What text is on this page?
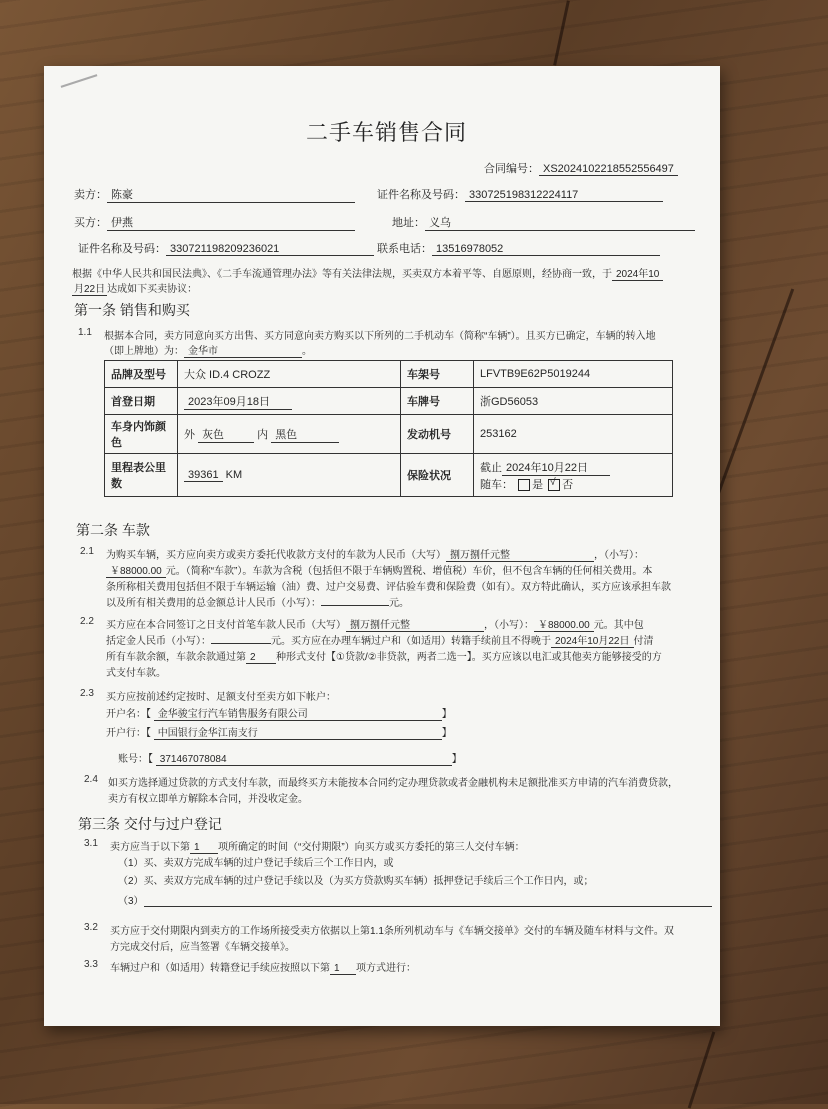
二手车销售合同
合同编号： XS2024102218552556497
卖方： 陈豪	证件名称及号码： 330725198312224117
买方： 伊燕	地址： 义乌
证件名称及号码： 330721198209236021	联系电话： 13516978052
根据《中华人民共和国民法典》、《二手车流通管理办法》等有关法律法规，买卖双方本着平等、自愿原则，经协商一致，于 2024年10
月22日 达成如下买卖协议：
第一条 销售和购买
1.1 根据本合同，卖方同意向买方出售、买方同意向卖方购买以下所列的二手机动车（简称“车辆”）。且买方已确定，车辆的转入地
（即上牌地）为： 金华市	。
品牌及型号	大众 ID.4 CROZZ	车架号	LFVTB9E62P5019244
首登日期	2023年09月18日	车牌号	浙GD56053
车身内饰颜色	外 灰色 内 黑色	发动机号	253162
里程表公里数	39361 KM	保险状况	截止 2024年10月22日
随车： 是 √ 否
第二条 车款
2.1 为购买车辆，买方应向卖方或卖方委托代收款方支付的车款为人民币（大写） 捌万捌仟元整	，（小写）：
￥88000.00 元。（简称“车款”）。车款为含税（包括但不限于车辆购置税、增值税）车价，但不包含车辆的任何相关费用。本
条所称相关费用包括但不限于车辆运输（油）费、过户交易费、评估验车费和保险费（如有）。双方特此确认，买方应该承担车款
以及所有相关费用的总金额总计人民币（小写）：	元。
2.2 买方应在本合同签订之日支付首笔车款人民币（大写） 捌万捌仟元整	，（小写）： ￥88000.00 元。其中包
括定金人民币（小写）：	元。买方应在办理车辆过户和（如适用）转籍手续前且不得晚于 2024年10月22日 付清
所有车款余额，车款余款通过第 2 种形式支付【①贷款/②非贷款，两者二选一】。买方应该以电汇或其他卖方能够接受的方
式支付车款。
2.3 买方应按前述约定按时、足额支付至卖方如下帐户：
开户名：【 金华骏宝行汽车销售服务有限公司	】
开户行：【 中国银行金华江南支行	】
账号：【 371467078084	】
2.4 如买方选择通过贷款的方式支付车款，而最终买方未能按本合同约定办理贷款或者金融机构未足额批准买方申请的汽车消费贷款，
卖方有权立即单方解除本合同，并没收定金。
第三条 交付与过户登记
3.1 卖方应当于以下第 1 项所确定的时间（“交付期限”）向买方或买方委托的第三人交付车辆：
（1）买、卖双方完成车辆的过户登记手续后三个工作日内，或
（2）买、卖双方完成车辆的过户登记手续以及（为买方贷款购买车辆）抵押登记手续后三个工作日内，或；
（3）
3.2 买方应于交付期限内到卖方的工作场所接受卖方依据以上第1.1条所列机动车与《车辆交接单》交付的车辆及随车材料与文件。双
方完成交付后，应当签署《车辆交接单》。
3.3 车辆过户和（如适用）转籍登记手续应按照以下第 1 项方式进行：
